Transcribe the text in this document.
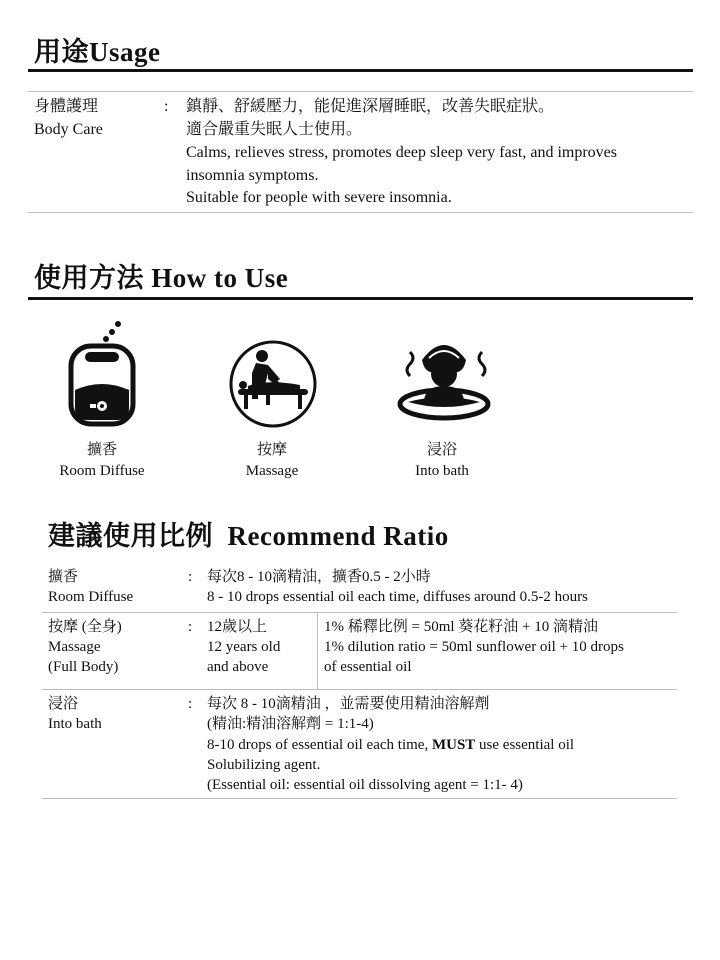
用途Usage
身體護理
Body Care
: 鎮靜、舒緩壓力，能促進深層睡眠，改善失眠症狀。
適合嚴重失眠人士使用。
Calms, relieves stress, promotes deep sleep very fast, and improves
insomnia symptoms.
Suitable for people with severe insomnia.
使用方法 How to Use
擴香
Room Diffuse
按摩
Massage
浸浴
Into bath
建議使用比例 Recommend Ratio
擴香
Room Diffuse
: 每次8 - 10滴精油，擴香0.5 - 2小時
8 - 10 drops essential oil each time, diffuses around 0.5-2 hours
按摩 (全身)
Massage
(Full Body)
: 12歲以上
12 years old
and above
1% 稀釋比例 = 50ml 葵花籽油 + 10 滴精油
1% dilution ratio = 50ml sunflower oil + 10 drops
of essential oil
浸浴
Into bath
: 每次 8 - 10滴精油 ，並需要使用精油溶解劑
(精油:精油溶解劑 = 1:1-4)
8-10 drops of essential oil each time, MUST use essential oil
Solubilizing agent.
(Essential oil: essential oil dissolving agent = 1:1- 4)
